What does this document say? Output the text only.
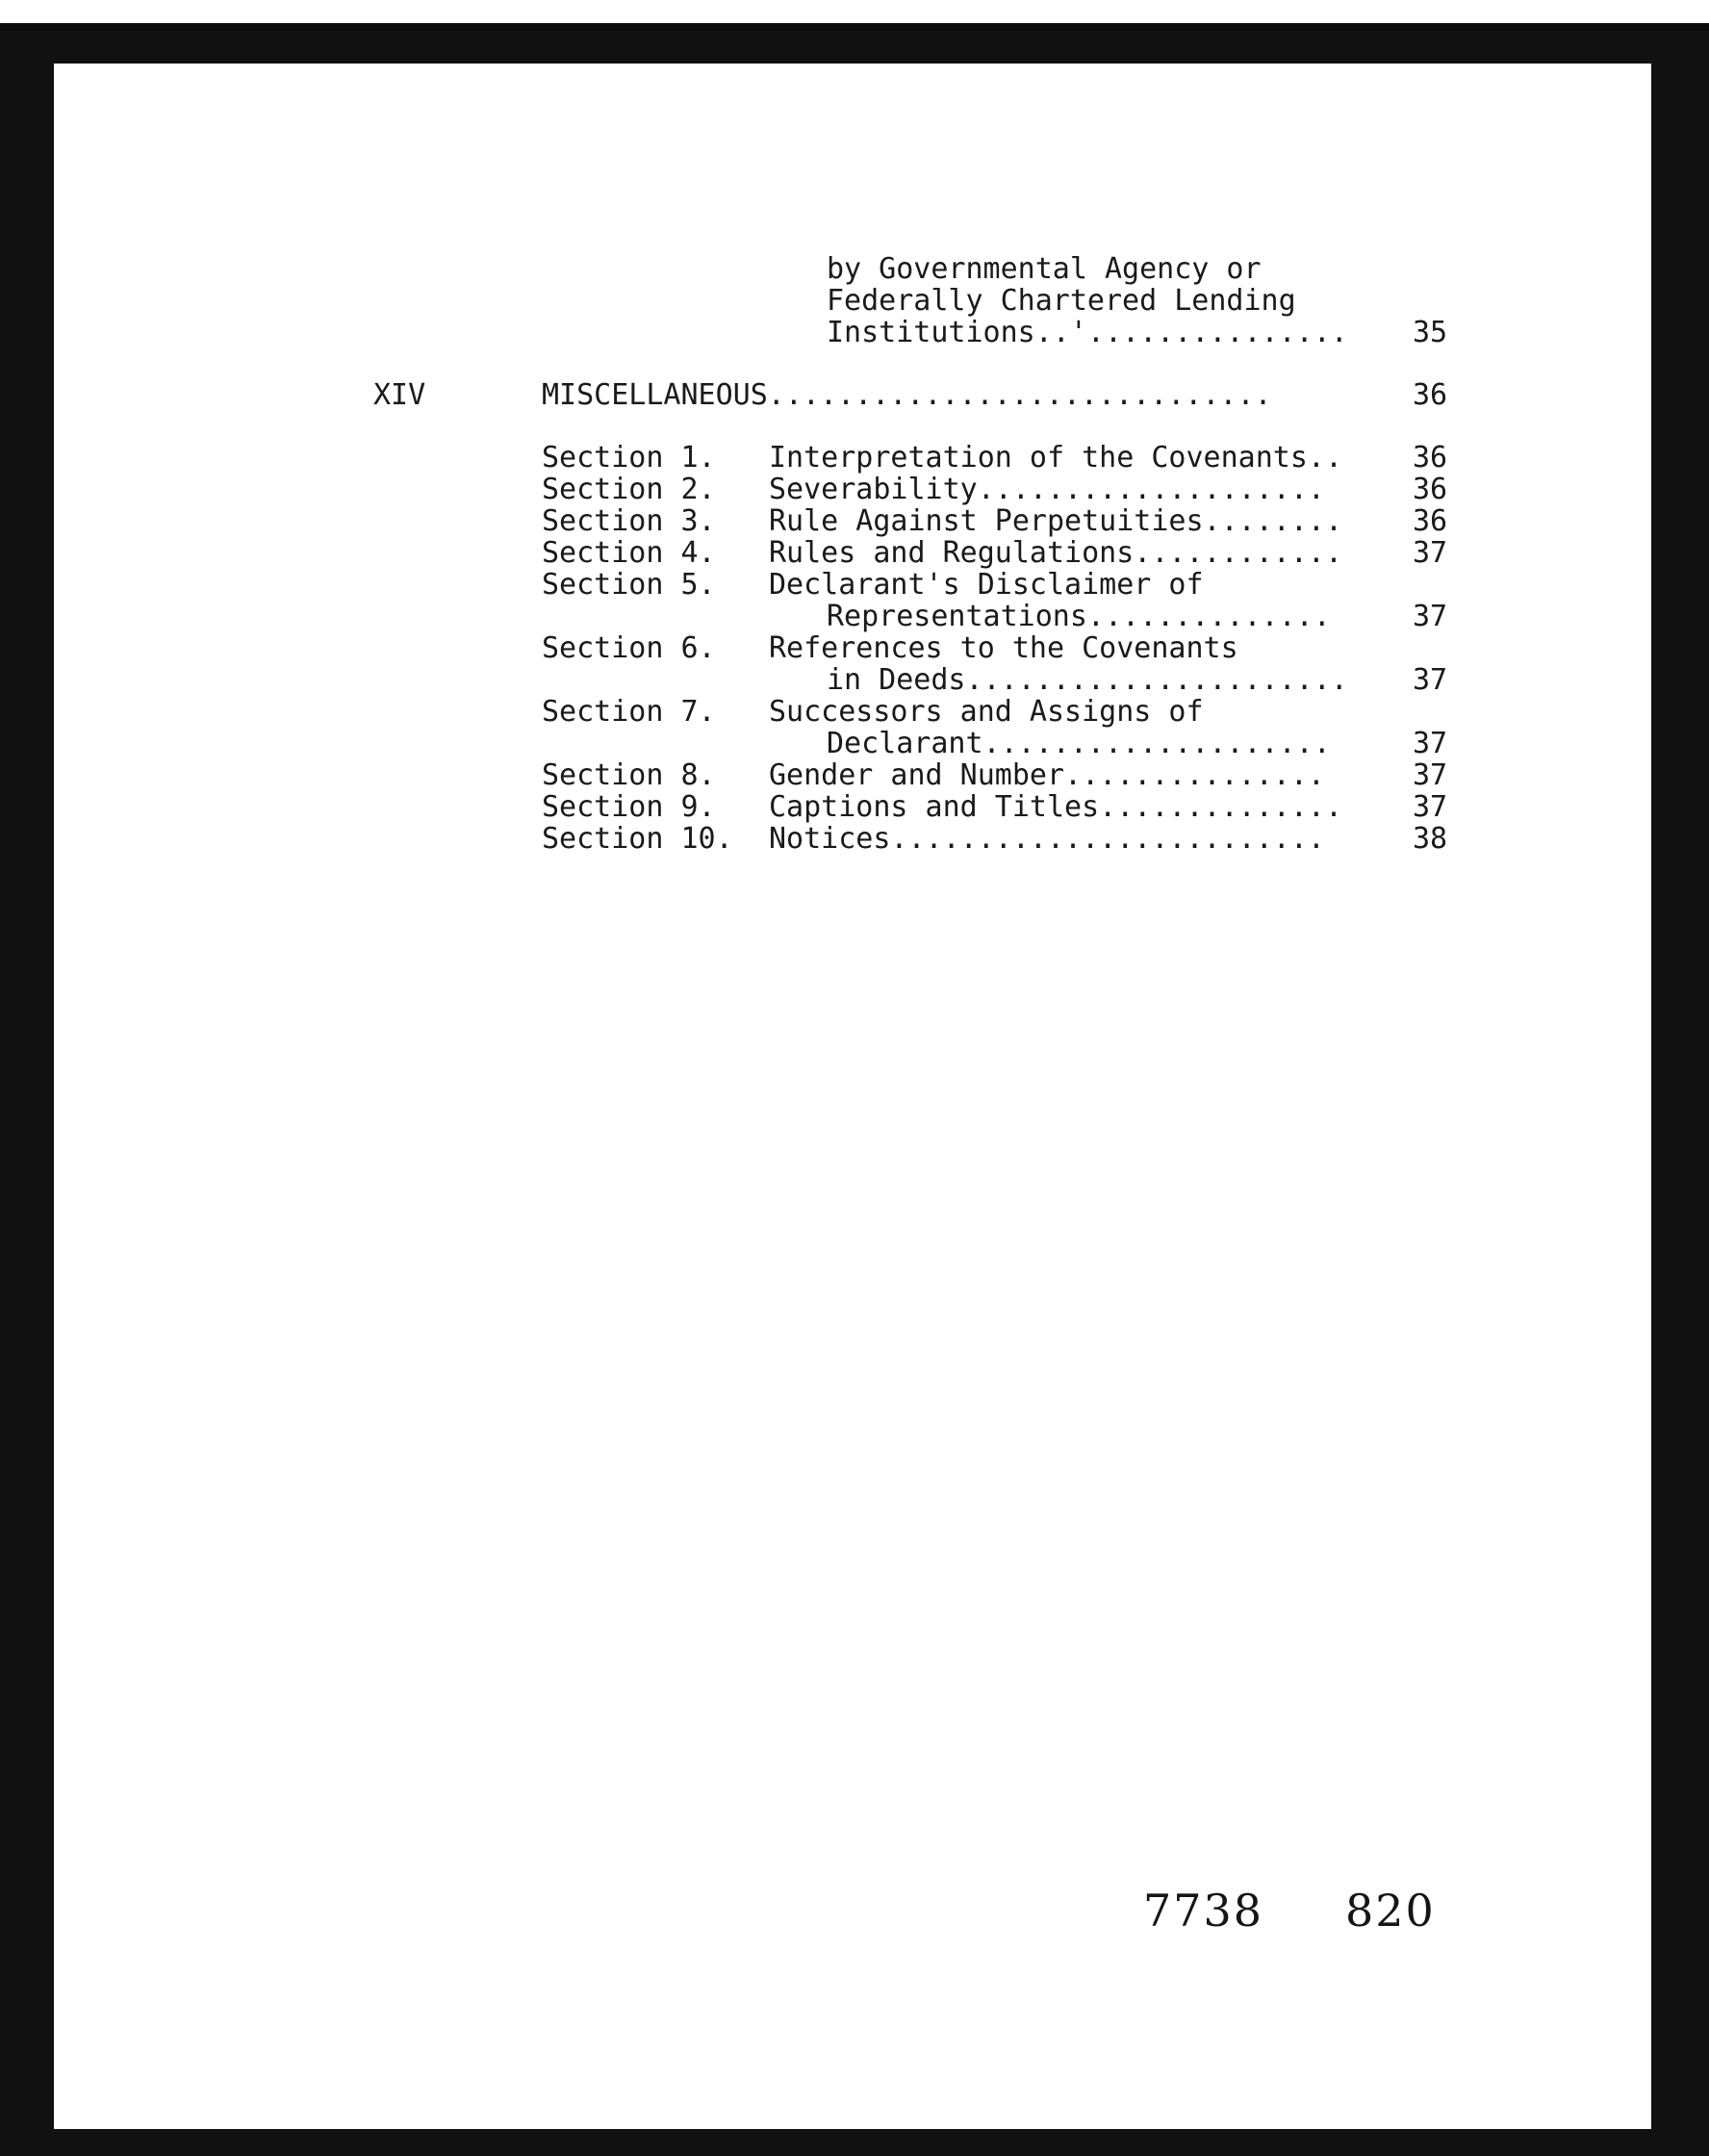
by Governmental Agency or
Federally Chartered Lending
Institutions..'............... 35
XIV	MISCELLANEOUS.............................	36
Section 1. Interpretation of the Covenants.. 36
Section 2. Severability....................	36
Section 3. Rule Against Perpetuities........ 36
Section 4. Rules and Regulations............ 37
Section 5. Declarant's Disclaimer of
Representations..............	37
Section 6. References to the Covenants
in Deeds...................... 37
Section 7. Successors and Assigns of
Declarant....................	37
Section 8. Gender and Number...............	37
Section 9. Captions and Titles.............. 37
Section 10. Notices.........................	38
7738 820
